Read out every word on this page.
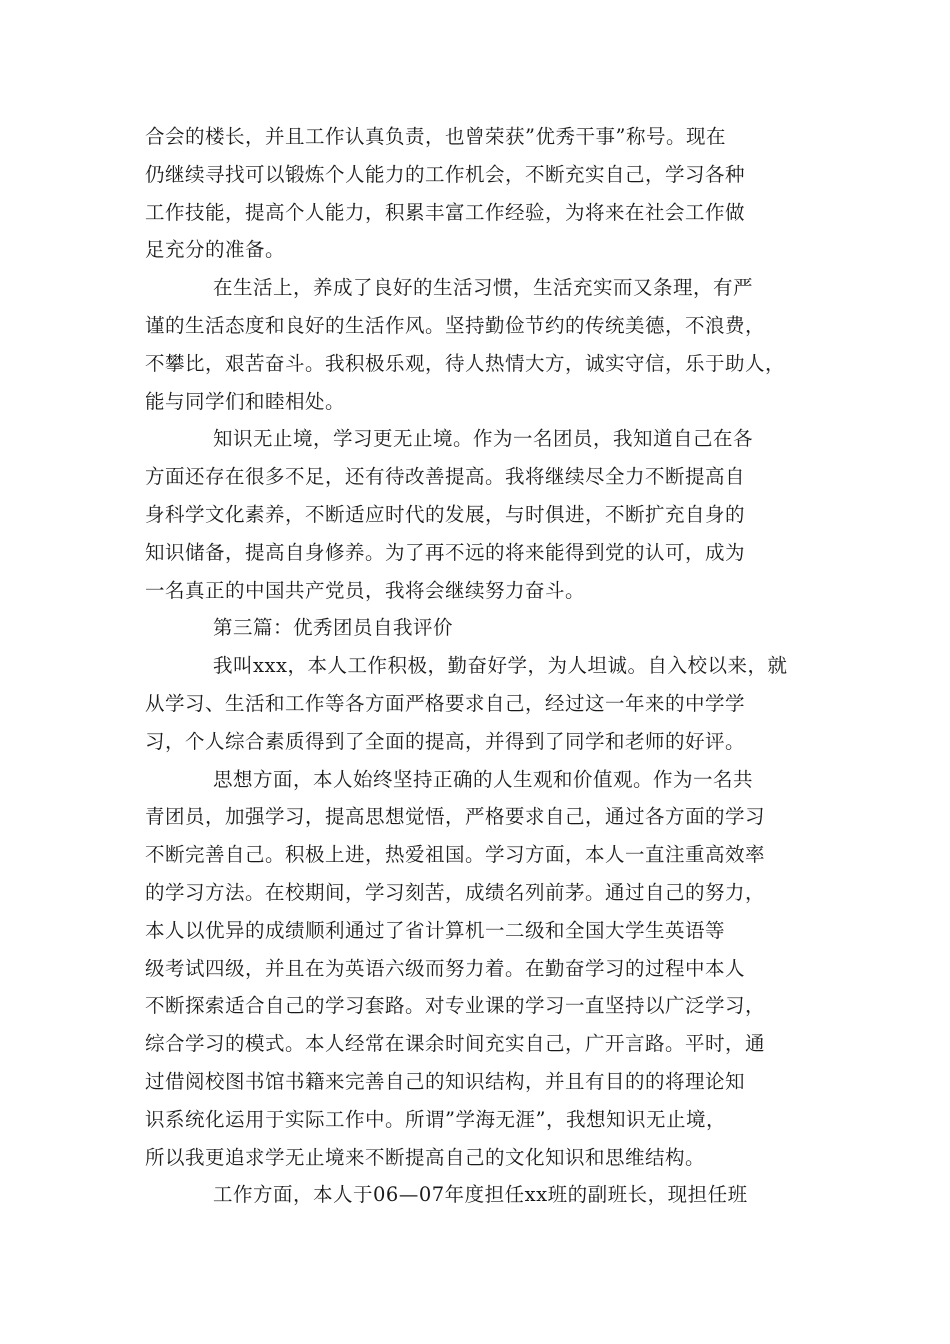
合会的楼长，并且工作认真负责，也曾荣获”优秀干事”称号。现在
仍继续寻找可以锻炼个人能力的工作机会，不断充实自己，学习各种
工作技能，提高个人能力，积累丰富工作经验，为将来在社会工作做
足充分的准备。
在生活上，养成了良好的生活习惯，生活充实而又条理，有严
谨的生活态度和良好的生活作风。坚持勤俭节约的传统美德，不浪费，
不攀比，艰苦奋斗。我积极乐观，待人热情大方，诚实守信，乐于助人，
能与同学们和睦相处。
知识无止境，学习更无止境。作为一名团员，我知道自己在各
方面还存在很多不足，还有待改善提高。我将继续尽全力不断提高自
身科学文化素养，不断适应时代的发展，与时俱进，不断扩充自身的
知识储备，提高自身修养。为了再不远的将来能得到党的认可，成为
一名真正的中国共产党员，我将会继续努力奋斗。
第三篇：优秀团员自我评价
我叫xxx，本人工作积极，勤奋好学，为人坦诚。自入校以来，就
从学习、生活和工作等各方面严格要求自己，经过这一年来的中学学
习，个人综合素质得到了全面的提高，并得到了同学和老师的好评。
思想方面，本人始终坚持正确的人生观和价值观。作为一名共
青团员，加强学习，提高思想觉悟，严格要求自己，通过各方面的学习
不断完善自己。积极上进，热爱祖国。学习方面，本人一直注重高效率
的学习方法。在校期间，学习刻苦，成绩名列前茅。通过自己的努力，
本人以优异的成绩顺利通过了省计算机一二级和全国大学生英语等
级考试四级，并且在为英语六级而努力着。在勤奋学习的过程中本人
不断探索适合自己的学习套路。对专业课的学习一直坚持以广泛学习，
综合学习的模式。本人经常在课余时间充实自己，广开言路。平时，通
过借阅校图书馆书籍来完善自己的知识结构，并且有目的的将理论知
识系统化运用于实际工作中。所谓”学海无涯”，我想知识无止境，
所以我更追求学无止境来不断提高自己的文化知识和思维结构。
工作方面，本人于06—07年度担任xx班的副班长，现担任班
